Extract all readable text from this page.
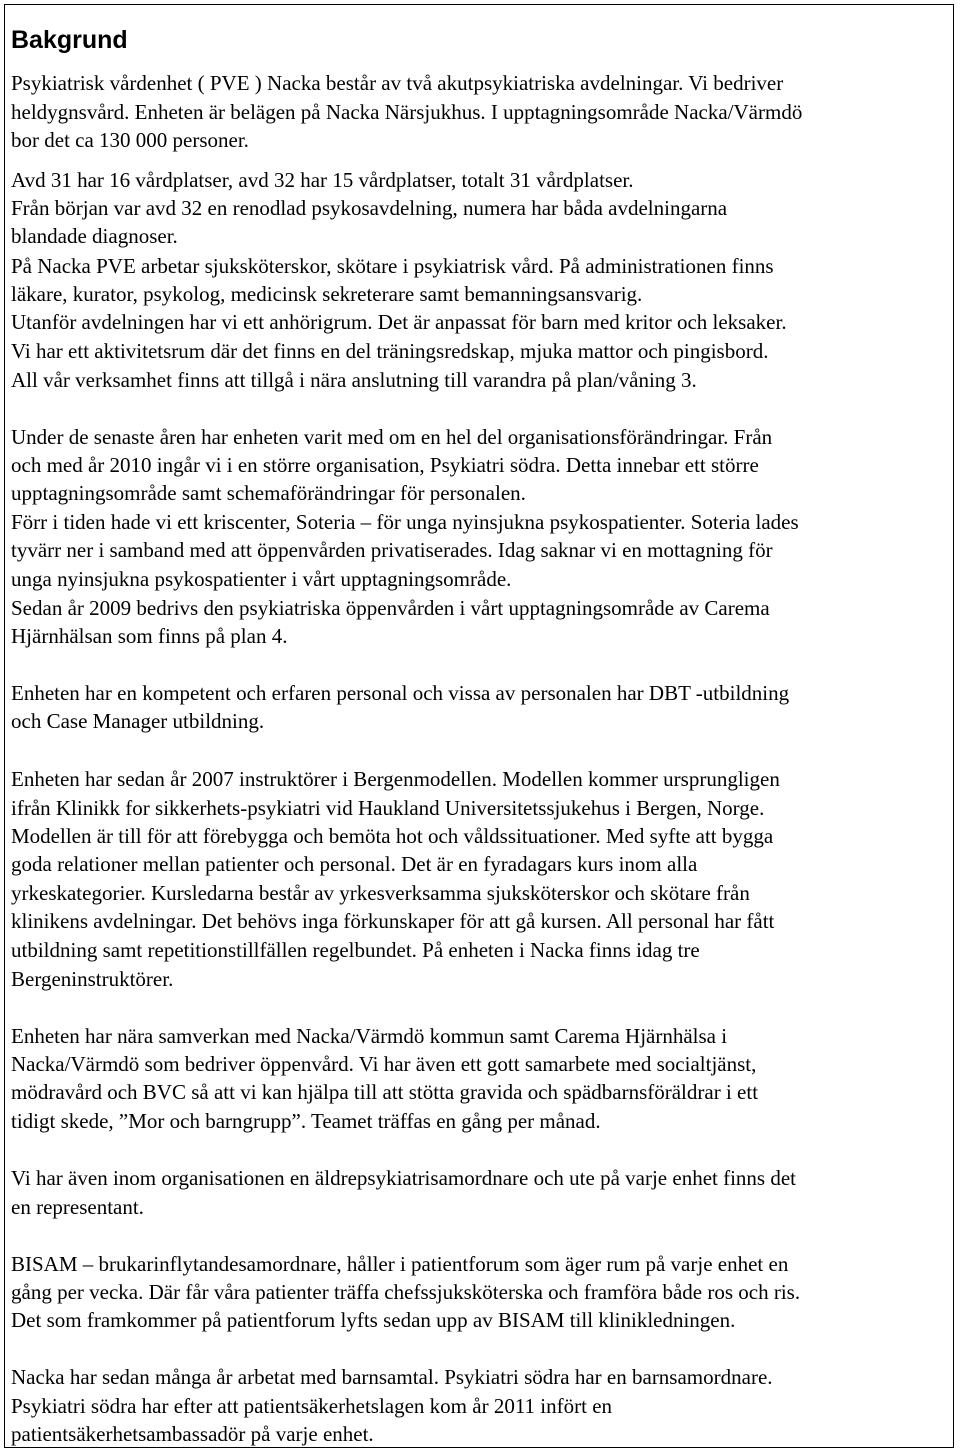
Bakgrund

Psykiatrisk vårdenhet ( PVE ) Nacka består av två akutpsykiatriska avdelningar. Vi bedriver

heldygnsvård. Enheten är belägen på Nacka Närsjukhus. I upptagningsområde Nacka/Värmdö

bor det ca 130 000 personer.

Avd 31 har 16 vårdplatser, avd 32 har 15 vårdplatser, totalt 31 vårdplatser.

Från början var avd 32 en renodlad psykosavdelning, numera har båda avdelningarna

blandade diagnoser.

På Nacka PVE arbetar sjuksköterskor, skötare i psykiatrisk vård. På administrationen finns

läkare, kurator, psykolog, medicinsk sekreterare samt bemanningsansvarig.

Utanför avdelningen har vi ett anhörigrum. Det är anpassat för barn med kritor och leksaker.

Vi har ett aktivitetsrum där det finns en del träningsredskap, mjuka mattor och pingisbord.

All vår verksamhet finns att tillgå i nära anslutning till varandra på plan/våning 3.

Under de senaste åren har enheten varit med om en hel del organisationsförändringar. Från

och med år 2010 ingår vi i en större organisation, Psykiatri södra. Detta innebar ett större

upptagningsområde samt schemaförändringar för personalen.

Förr i tiden hade vi ett kriscenter, Soteria – för unga nyinsjukna psykospatienter. Soteria lades

tyvärr ner i samband med att öppenvården privatiserades. Idag saknar vi en mottagning för

unga nyinsjukna psykospatienter i vårt upptagningsområde.

Sedan år 2009 bedrivs den psykiatriska öppenvården i vårt upptagningsområde av Carema

Hjärnhälsan som finns på plan 4.

Enheten har en kompetent och erfaren personal och vissa av personalen har DBT -utbildning

och Case Manager utbildning.

Enheten har sedan år 2007 instruktörer i Bergenmodellen. Modellen kommer ursprungligen

ifrån Klinikk for sikkerhets-psykiatri vid Haukland Universitetssjukehus i Bergen, Norge.

Modellen är till för att förebygga och bemöta hot och våldssituationer. Med syfte att bygga

goda relationer mellan patienter och personal. Det är en fyradagars kurs inom alla

yrkeskategorier. Kursledarna består av yrkesverksamma sjuksköterskor och skötare från

klinikens avdelningar. Det behövs inga förkunskaper för att gå kursen. All personal har fått

utbildning samt repetitionstillfällen regelbundet. På enheten i Nacka finns idag tre

Bergeninstruktörer.

Enheten har nära samverkan med Nacka/Värmdö kommun samt Carema Hjärnhälsa i

Nacka/Värmdö som bedriver öppenvård. Vi har även ett gott samarbete med socialtjänst,

mödravård och BVC så att vi kan hjälpa till att stötta gravida och spädbarnsföräldrar i ett

tidigt skede, ”Mor och barngrupp”. Teamet träffas en gång per månad.

Vi har även inom organisationen en äldrepsykiatrisamordnare och ute på varje enhet finns det

en representant.

BISAM – brukarinflytandesamordnare, håller i patientforum som äger rum på varje enhet en

gång per vecka. Där får våra patienter träffa chefssjuksköterska och framföra både ros och ris.

Det som framkommer på patientforum lyfts sedan upp av BISAM till klinikledningen.

Nacka har sedan många år arbetat med barnsamtal. Psykiatri södra har en barnsamordnare.

Psykiatri södra har efter att patientsäkerhetslagen kom år 2011 infört en

patientsäkerhetsambassadör på varje enhet.
